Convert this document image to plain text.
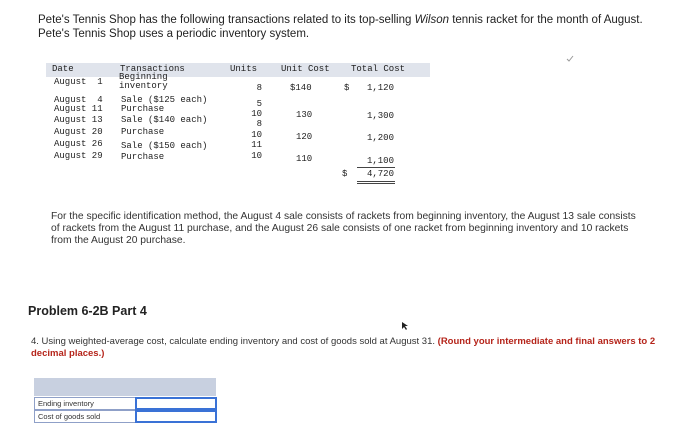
Pete's Tennis Shop has the following transactions related to its top-selling Wilson tennis racket for the month of August.
Pete's Tennis Shop uses a periodic inventory system.
Date	Transactions	Units	Unit Cost Total Cost
August  1 Beginning
inventory	8	$140	$	1,120
August  4 Sale ($125 each)	5
August 11 Purchase	10	130	1,300
August 13 Sale ($140 each)	8
August 20 Purchase	10	120	1,200
August 26 Sale ($150 each)	11
August 29 Purchase	10	110	1,100
$	4,720
For the specific identification method, the August 4 sale consists of rackets from beginning inventory, the August 13 sale consists of rackets from the August 11 purchase, and the August 26 sale consists of one racket from beginning inventory and 10 rackets from the August 20 purchase.
Problem 6-2B Part 4
4. Using weighted-average cost, calculate ending inventory and cost of goods sold at August 31. (Round your intermediate and final answers to 2 decimal places.)
Ending inventory
Cost of goods sold
